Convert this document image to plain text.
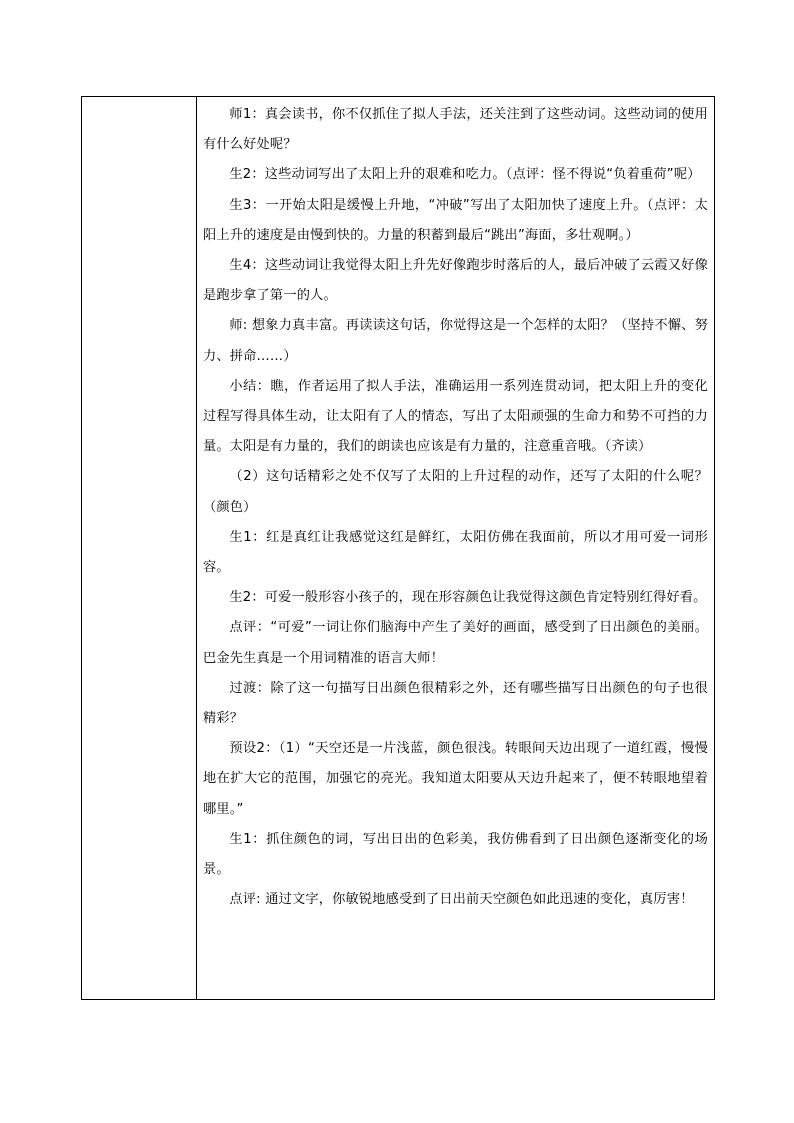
师1：真会读书，你不仅抓住了拟人手法，还关注到了这些动词。这些动词的使用有什么好处呢？

生2：这些动词写出了太阳上升的艰难和吃力。（点评：怪不得说“负着重荷”呢）

生3：一开始太阳是缓慢上升地，“冲破”写出了太阳加快了速度上升。（点评：太阳上升的速度是由慢到快的。力量的积蓄到最后“跳出”海面，多壮观啊。）

生4：这些动词让我觉得太阳上升先好像跑步时落后的人，最后冲破了云霞又好像是跑步拿了第一的人。

师: 想象力真丰富。再读读这句话，你觉得这是一个怎样的太阳？（坚持不懈、努力、拼命……）

小结：瞧，作者运用了拟人手法，准确运用一系列连贯动词，把太阳上升的变化过程写得具体生动，让太阳有了人的情态，写出了太阳顽强的生命力和势不可挡的力量。太阳是有力量的，我们的朗读也应该是有力量的，注意重音哦。（齐读）

（2）这句话精彩之处不仅写了太阳的上升过程的动作，还写了太阳的什么呢？（颜色）

生1：红是真红让我感觉这红是鲜红，太阳仿佛在我面前，所以才用可爱一词形容。

生2：可爱一般形容小孩子的，现在形容颜色让我觉得这颜色肯定特别红得好看。

点评：“可爱”一词让你们脑海中产生了美好的画面，感受到了日出颜色的美丽。巴金先生真是一个用词精准的语言大师！

过渡：除了这一句描写日出颜色很精彩之外，还有哪些描写日出颜色的句子也很精彩？

预设2：（1）“天空还是一片浅蓝，颜色很浅。转眼间天边出现了一道红霞，慢慢地在扩大它的范围，加强它的亮光。我知道太阳要从天边升起来了，便不转眼地望着哪里。”

生1：抓住颜色的词，写出日出的色彩美，我仿佛看到了日出颜色逐渐变化的场景。

点评: 通过文字，你敏锐地感受到了日出前天空颜色如此迅速的变化，真厉害！
